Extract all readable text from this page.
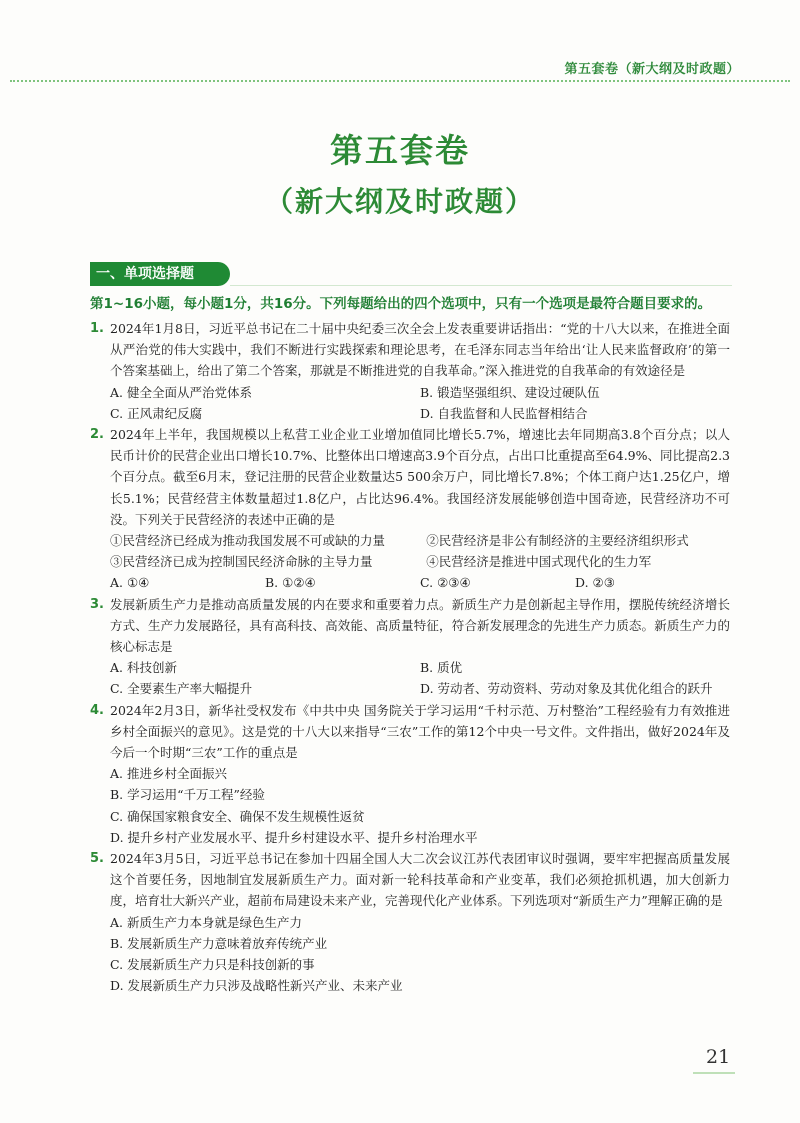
第五套卷（新大纲及时政题）
第五套卷
（新大纲及时政题）
一、单项选择题
第1~16小题，每小题1分，共16分。下列每题给出的四个选项中，只有一个选项是最符合题目要求的。
1. 2024年1月8日，习近平总书记在二十届中央纪委三次全会上发表重要讲话指出：“党的十八大以来，在推进全面从严治党的伟大实践中，我们不断进行实践探索和理论思考，在毛泽东同志当年给出‘让人民来监督政府’的第一个答案基础上，给出了第二个答案，那就是不断推进党的自我革命。”深入推进党的自我革命的有效途径是
A. 健全全面从严治党体系	B. 锻造坚强组织、建设过硬队伍
C. 正风肃纪反腐	D. 自我监督和人民监督相结合
2. 2024年上半年，我国规模以上私营工业企业工业增加值同比增长5.7%，增速比去年同期高3.8个百分点；以人民币计价的民营企业出口增长10.7%、比整体出口增速高3.9个百分点，占出口比重提高至64.9%、同比提高2.3个百分点。截至6月末，登记注册的民营企业数量达5 500余万户，同比增长7.8%；个体工商户达1.25亿户，增长5.1%；民营经营主体数量超过1.8亿户，占比达96.4%。我国经济发展能够创造中国奇迹，民营经济功不可没。下列关于民营经济的表述中正确的是
①民营经济已经成为推动我国发展不可或缺的力量	②民营经济是非公有制经济的主要经济组织形式
③民营经济已成为控制国民经济命脉的主导力量	④民营经济是推进中国式现代化的生力军
A. ①④	B. ①②④	C. ②③④	D. ②③
3. 发展新质生产力是推动高质量发展的内在要求和重要着力点。新质生产力是创新起主导作用，摆脱传统经济增长方式、生产力发展路径，具有高科技、高效能、高质量特征，符合新发展理念的先进生产力质态。新质生产力的核心标志是
A. 科技创新	B. 质优
C. 全要素生产率大幅提升	D. 劳动者、劳动资料、劳动对象及其优化组合的跃升
4. 2024年2月3日，新华社受权发布《中共中央 国务院关于学习运用“千村示范、万村整治”工程经验有力有效推进乡村全面振兴的意见》。这是党的十八大以来指导“三农”工作的第12个中央一号文件。文件指出，做好2024年及今后一个时期“三农”工作的重点是
A. 推进乡村全面振兴
B. 学习运用“千万工程”经验
C. 确保国家粮食安全、确保不发生规模性返贫
D. 提升乡村产业发展水平、提升乡村建设水平、提升乡村治理水平
5. 2024年3月5日，习近平总书记在参加十四届全国人大二次会议江苏代表团审议时强调，要牢牢把握高质量发展这个首要任务，因地制宜发展新质生产力。面对新一轮科技革命和产业变革，我们必须抢抓机遇，加大创新力度，培育壮大新兴产业，超前布局建设未来产业，完善现代化产业体系。下列选项对“新质生产力”理解正确的是
A. 新质生产力本身就是绿色生产力
B. 发展新质生产力意味着放弃传统产业
C. 发展新质生产力只是科技创新的事
D. 发展新质生产力只涉及战略性新兴产业、未来产业
21
